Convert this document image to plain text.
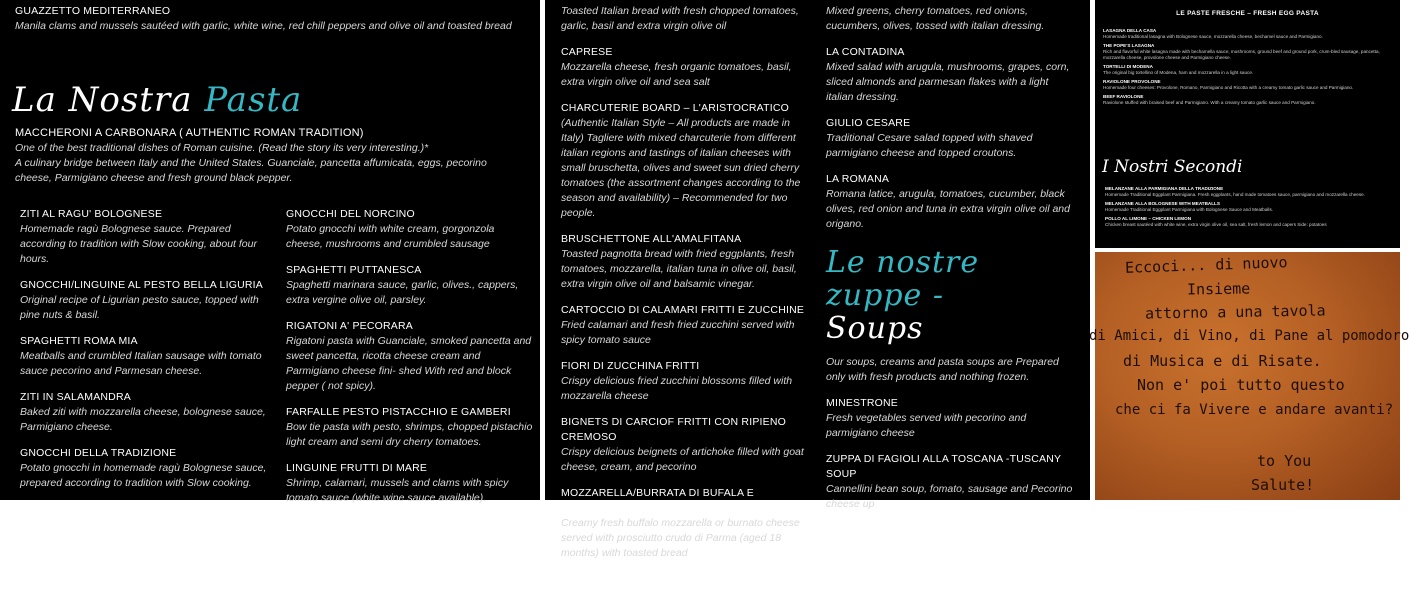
GUAZZETTO MEDITERRANEO
Manila clams and mussels sautéed with garlic, white wine, red chill peppers and olive oil and toasted bread
La Nostra Pasta
MACCHERONI A CARBONARA ( AUTHENTIC ROMAN TRADITION)
One of the best traditional dishes of Roman cuisine. (Read the story its very interesting.)*
A culinary bridge between Italy and the United States. Guanciale, pancetta affumicata, eggs, pecorino cheese, Parmigiano cheese and fresh ground black pepper.
ZITI AL RAGU' BOLOGNESE
Homemade ragù Bolognese sauce. Prepared according to tradition with Slow cooking, about four hours.
GNOCCHI/LINGUINE AL PESTO BELLA LIGURIA
Original recipe of Ligurian pesto sauce, topped with pine nuts & basil.
SPAGHETTI ROMA MIA
Meatballs and crumbled Italian sausage with tomato sauce pecorino and Parmesan cheese.
ZITI IN SALAMANDRA
Baked ziti with mozzarella cheese, bolognese sauce, Parmigiano cheese.
GNOCCHI DELLA TRADIZIONE
Potato gnocchi in homemade ragù Bolognese sauce, prepared according to tradition with Slow cooking.
GNOCCHI DEL NORCINO
Potato gnocchi with white cream, gorgonzola cheese, mushrooms and crumbled sausage
SPAGHETTI PUTTANESCA
Spaghetti marinara sauce, garlic, olives., cappers, extra vergine olive oil, parsley.
RIGATONI A' PECORARA
Rigatoni pasta with Guanciale, smoked pancetta and sweet pancetta, ricotta cheese cream and Parmigiano cheese fini- shed With red and block pepper ( not spicy).
FARFALLE PESTO PISTACCHIO E GAMBERI
Bow tie pasta with pesto, shrimps, chopped pistachio light cream and semi dry cherry tomatoes.
LINGUINE FRUTTI DI MARE
Shrimp, calamari, mussels and clams with spicy tomato sauce (white wine sauce available).
Toasted Italian bread with fresh chopped tomatoes, garlic, basil and extra virgin olive oil
CAPRESE
Mozzarella cheese, fresh organic tomatoes, basil, extra virgin olive oil and sea salt
CHARCUTERIE BOARD – L'ARISTOCRATICO
(Authentic Italian Style – All products are made in Italy) Tagliere with mixed charcuterie from different italian regions and tastings of italian cheeses with small bruschetta, olives and sweet sun dried cherry tomatoes (the assortment changes according to the season and availability) – Recommended for two people.
BRUSCHETTONE ALL'AMALFITANA
Toasted pagnotta bread with fried eggplants, fresh tomatoes, mozzarella, italian tuna in olive oil, basil, extra virgin olive oil and balsamic vinegar.
CARTOCCIO DI CALAMARI FRITTI E ZUCCHINE
Fried calamari and fresh fried zucchini served with spicy tomato sauce
FIORI DI ZUCCHINA FRITTI
Crispy delicious fried zucchini blossoms filled with mozzarella cheese
BIGNETS DI CARCIOF FRITTI CON RIPIENO CREMOSO
Crispy delicious beignets of artichoke filled with goat cheese, cream, and pecorino
MOZZARELLA/BURRATA DI BUFALA E PROSCIUTTO DI PARMA
Creamy fresh buffalo mozzarella or burnato cheese served with prosciutto crudo di Parma (aged 18 months) with toasted bread
CARCIOFI FRITTI AL FORMAGGIO
Mixed greens, cherry tomatoes, red onions, cucumbers, olives, tossed with italian dressing.
LA CONTADINA
Mixed salad with arugula, mushrooms, grapes, corn, sliced almonds and parmesan flakes with a light italian dressing.
GIULIO CESARE
Traditional Cesare salad topped with shaved parmigiano cheese and topped croutons.
LA ROMANA
Romana latice, arugula, tomatoes, cucumber, black olives, red onion and tuna in extra virgin olive oil and origano.
Le nostre zuppe -
Soups
Our soups, creams and pasta soups are Prepared only with fresh products and nothing frozen.
MINESTRONE
Fresh vegetables served with pecorino and parmigiano cheese
ZUPPA DI FAGIOLI ALLA TOSCANA -TUSCANY SOUP
Cannellini bean soup, fomato, sausage and Pecorino cheese up
LE PASTE FRESCHE – FRESH EGG PASTA
LASAGNA DELLA CASA
Homemade traditional lasagna with Bolognese sauce, mozzarella cheese, bechamel sauce and Parmigiano.
THE POPE'S LASAGNA
Rich and flavorful white lasagna made with bechamella sauce, mushrooms, ground beef and ground pork, crum-bled sausage, pancetta, mozzarella cheese, provolone cheese and Parmigiano cheese.
TORTELLI DI MODENA
The original big tortellino of Modena, ham and mozzarella in a light sauce.
RAVIOLONE PROVOLONE
Homemade four cheeses: Provolone, Romano, Parmigiano and Ricotta with a creamy tomato garlic sauce and Parmigiano.
BEEF RAVIOLONE
Raviolone stuffed with braised beef and Parmigiano. With a creamy tomato garlic sauce and Parmigiano.
I Nostri Secondi
MELANZANE ALLA PARMIGIANA DELLA TRADIZIONE
Homemade Traditional Eggplant Parmigiana. Fresh eggplants, hand made tomatoes sauce, parmigiano and mozzarella cheese.
MELANZANE ALLA BOLOGNESE WITH MEATBALLS
Homemade Traditional Eggplant Parmigiana with Bolognese Sauce and Meatballs.
POLLO AL LIMONE – CHICKEN LEMON
Chicken breast sautéed with white wine, extra virgin olive oil, sea salt, fresh lemon and capers Side: potatoes
Eccoci... di nuovo
Insieme
attorno a una tavola
di Amici, di Vino, di Pane al pomodoro
di Musica e di Risate.
Non e' poi tutto questo
che ci fa Vivere e andare avanti?
to You
Salute!
